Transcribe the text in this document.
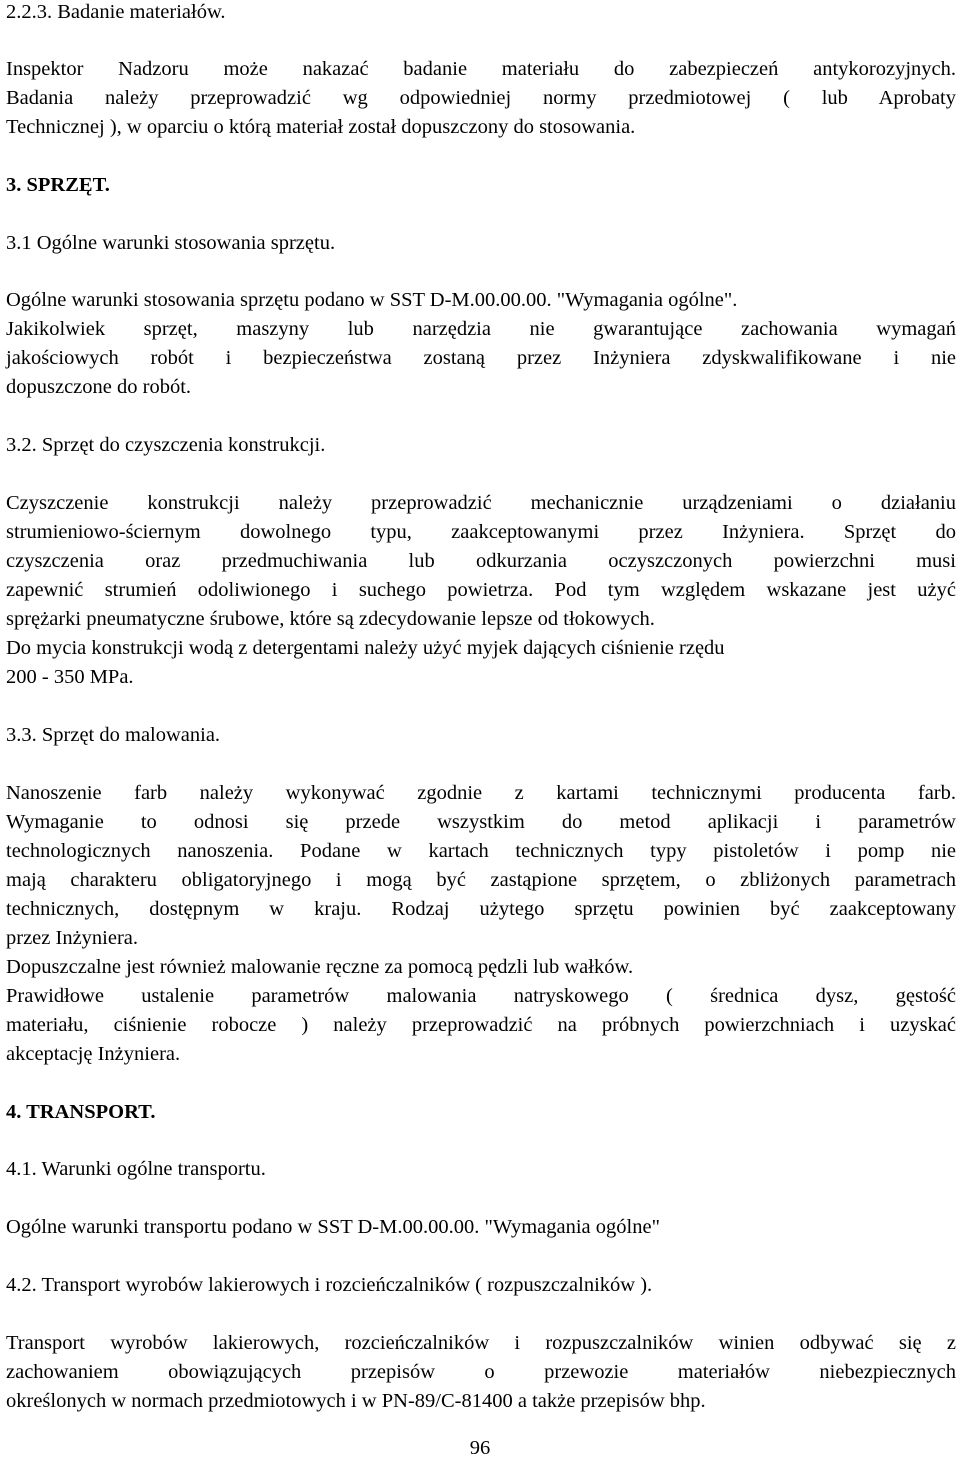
2.2.3. Badanie materiałów.
Inspektor Nadzoru może nakazać badanie materiału do zabezpieczeń antykorozyjnych.
Badania należy przeprowadzić wg odpowiedniej normy przedmiotowej ( lub Aprobaty
Technicznej ), w oparciu o którą materiał został dopuszczony do stosowania.
3. SPRZĘT.
3.1 Ogólne warunki stosowania sprzętu.
Ogólne warunki stosowania sprzętu podano w SST D-M.00.00.00. "Wymagania ogólne".
Jakikolwiek sprzęt, maszyny lub narzędzia nie gwarantujące zachowania wymagań
jakościowych robót i bezpieczeństwa zostaną przez Inżyniera zdyskwalifikowane i nie
dopuszczone do robót.
3.2. Sprzęt do czyszczenia konstrukcji.
Czyszczenie konstrukcji należy przeprowadzić mechanicznie urządzeniami o działaniu
strumieniowo-ściernym dowolnego typu, zaakceptowanymi przez Inżyniera. Sprzęt do
czyszczenia oraz przedmuchiwania lub odkurzania oczyszczonych powierzchni musi
zapewnić strumień odoliwionego i suchego powietrza. Pod tym względem wskazane jest użyć
sprężarki pneumatyczne śrubowe, które są zdecydowanie lepsze od tłokowych.
Do mycia konstrukcji wodą z detergentami należy użyć myjek dających ciśnienie rzędu
200 - 350 MPa.
3.3. Sprzęt do malowania.
Nanoszenie farb należy wykonywać zgodnie z kartami technicznymi producenta farb.
Wymaganie to odnosi się przede wszystkim do metod aplikacji i parametrów
technologicznych nanoszenia. Podane w kartach technicznych typy pistoletów i pomp nie
mają charakteru obligatoryjnego i mogą być zastąpione sprzętem, o zbliżonych parametrach
technicznych, dostępnym w kraju. Rodzaj użytego sprzętu powinien być zaakceptowany
przez Inżyniera.
Dopuszczalne jest również malowanie ręczne za pomocą pędzli lub wałków.
Prawidłowe ustalenie parametrów malowania natryskowego ( średnica dysz, gęstość
materiału, ciśnienie robocze ) należy przeprowadzić na próbnych powierzchniach i uzyskać
akceptację Inżyniera.
4. TRANSPORT.
4.1. Warunki ogólne transportu.
Ogólne warunki transportu podano w SST D-M.00.00.00. "Wymagania ogólne"
4.2. Transport wyrobów lakierowych i rozcieńczalników ( rozpuszczalników ).
Transport wyrobów lakierowych, rozcieńczalników i rozpuszczalników winien odbywać się z
zachowaniem obowiązujących przepisów o przewozie materiałów niebezpiecznych
określonych w normach przedmiotowych i w PN-89/C-81400 a także przepisów bhp.
96
